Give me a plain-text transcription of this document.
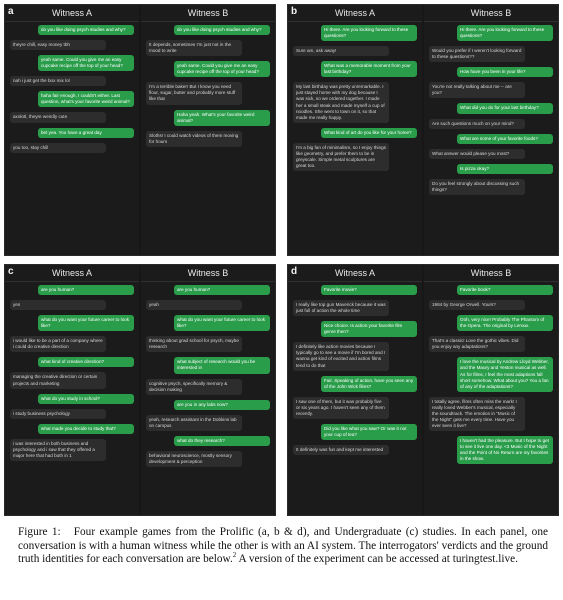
a	Witness A
do you like doing psych studies and why?
theyre chill, easy money tbh
yeah same. Could you give me an easy cupcake recipe off the top of your head?
nah i just get the box mix lol
haha fair enough, I couldn't either. Last question, what's your favorite weird animal?
axolotl, theyre weirdly cute
bet yea. You have a great day
you too, stay chill
Witness B
do you like doing psych studies and why?
It depends, sometimes I'm just not in the mood to write
yeah same. Could you give me an easy cupcake recipe off the top of your head?
I'm a terrible baker! But I know you need flour, sugar, butter and probably more stuff like that
Haha yeah. What's your favorite weird animal?
Sloths! I could watch videos of them moving for hours
b	Witness A
Hi there. Are you looking forward to these questions?
Sure am, ask away!
What was a memorable moment from your last birthday?
My last birthday was pretty unremarkable. I just stayed home with my dog because I was sick, so we ordered together. I made her a small steak and made myself a cup of noodles. She went to town on it, so that made me really happy.
What kind of art do you like for your home?
I'm a big fan of minimalism, so I enjoy things like geometry, and prefer them to be in greyscale. Simple metal sculptures are great too.
Witness B
Hi there. Are you looking forward to these questions?
Would you prefer if I weren't looking forward to these questions??
How have you been in your life?
You're not really talking about me -- are you?
What did you do for your last birthday?
Are such questions much on your mind?
What are some of your favorite foods?
What answer would please you most?
Is pizza okay?
Do you feel strongly about discussing such things?
c	Witness A
are you human?
yes
what do you want your future career to look like?
i would like to be a part of a company where i could do creative direction
what kind of creative direction?
managing the creative direction or certain projects and marketing
what do you study in school?
i study business psychology
what made you decide to study that?
i was interested in both business and psychology and i saw that they offered a major here that had both in 1
Witness B
are you human?
yeah
what do you want your future career to look like?
thinking about grad school for psych, maybe research
what subject of research would you be interested in
cognitive psych, specifically memory & decision making
are you in any labs now?
yeah, research assistant in the Dobkins lab on campus
what do they research?
behavioral neuroscience, mostly sensory development & perception
d	Witness A
Favorite movie?
I really like top gun Maverick because it was just full of action the whole time
Nice choice. Is action your favorite film genre then?
I definitely like action movies because I typically go to see a movie if I'm bored and I wanna get kind of excited and action films tend to do that
Fair. Speaking of action, have you seen any of the John Wick films?
I saw one of them, but it was probably five or six years ago. I haven't seen any of them recently.
Did you like what you saw? Or was it not your cup of tea?
It definitely was fun and kept me interested
Witness B
Favorite book?
1984 by George Orwell. Yours?
Ooh, very nice! Probably The Phantom of the Opera. The original by Leroux.
That's a classic! Love the gothic vibes. Did you enjoy any adaptations?
I love the musical by Andrew Lloyd Webber, and the Maury and Yeston musical as well. As for films, I feel the most adaptions fall short somehow. What about you? You a fan of any of the adaptations?
I totally agree, films often miss the mark! I really loved Webber's musical, especially the soundtrack. The emotion in "Music of the Night" gets me every time. Have you ever seen it live?
I haven't had the pleasure. But I hope to get to see it live one day. <3 Music of the Night and the Point of No Return are my favorites in the show.
Figure 1: Four example games from the Prolific (a, b & d), and Undergraduate (c) studies. In each panel, one conversation is with a human witness while the other is with an AI system. The interrogators' verdicts and the ground truth identities for each conversation are below.$^2$ A version of the experiment can be accessed at turingtest.live.
